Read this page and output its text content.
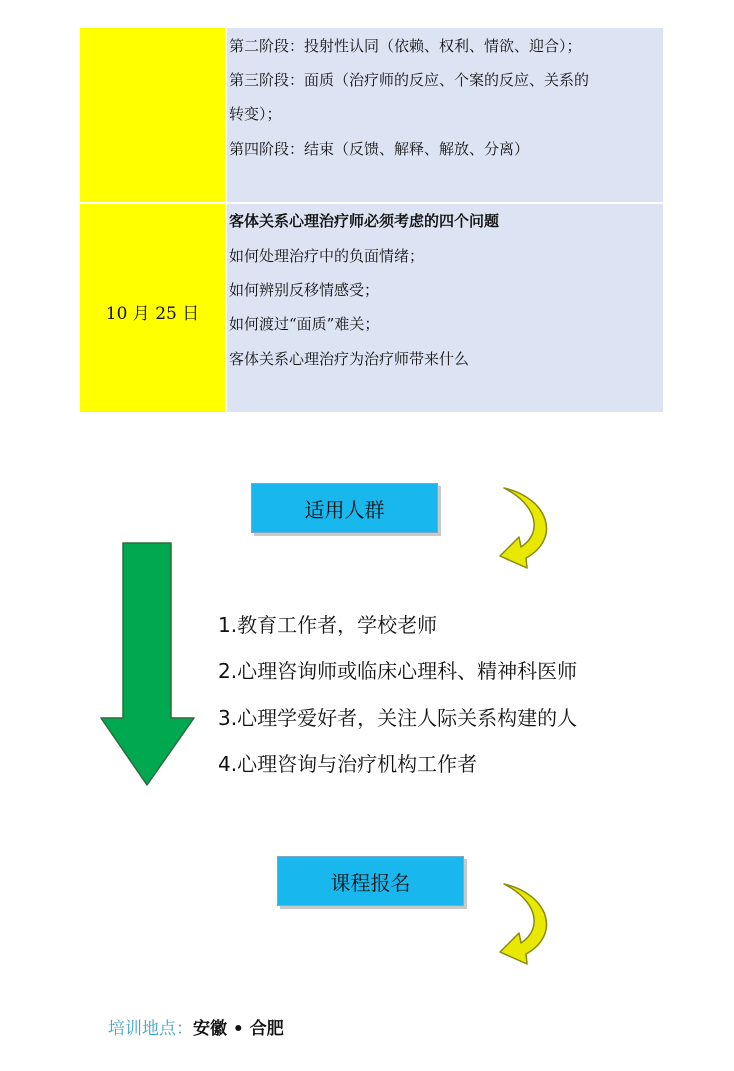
第二阶段：投射性认同（依赖、权利、情欲、迎合）；
第三阶段：面质（治疗师的反应、个案的反应、关系的
转变）；
第四阶段：结束（反馈、解释、解放、分离）
10 月 25 日
客体关系心理治疗师必须考虑的四个问题
如何处理治疗中的负面情绪；
如何辨别反移情感受；
如何渡过“面质”难关；
客体关系心理治疗为治疗师带来什么
适用人群
1.教育工作者，学校老师
2.心理咨询师或临床心理科、精神科医师
3.心理学爱好者，关注人际关系构建的人
4.心理咨询与治疗机构工作者
课程报名
培训地点：安徽 • 合肥
